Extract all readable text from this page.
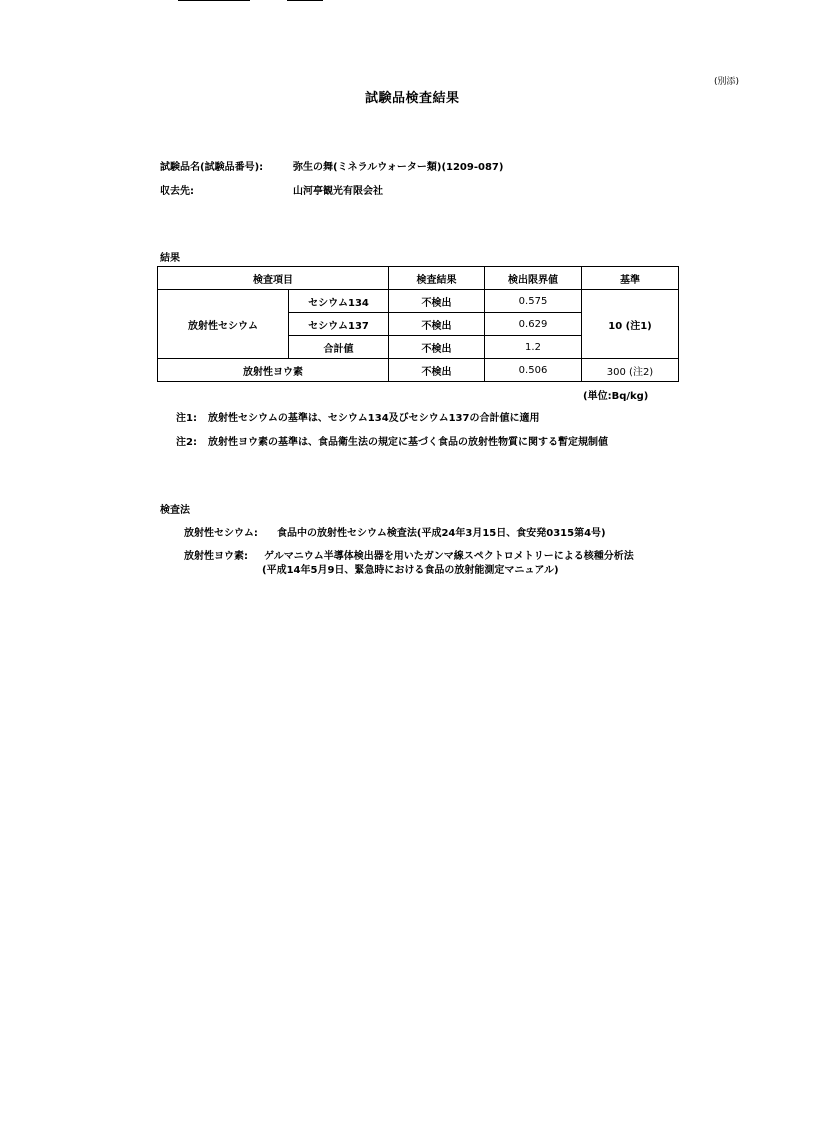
(別添)
試験品検査結果
試験品名(試験品番号):	弥生の舞(ミネラルウォーター類)(1209-087)
収去先:	山河亭観光有限会社
結果
検査項目		検査結果	検出限界値	基準
放射性セシウム	セシウム134	不検出	0.575	10 (注1)
	セシウム137	不検出	0.629	
	合計値	不検出	1.2	
放射性ヨウ素		不検出	0.506	300 (注2)
(単位:Bq/kg)
注1: 放射性セシウムの基準は、セシウム134及びセシウム137の合計値に適用
注2: 放射性ヨウ素の基準は、食品衛生法の規定に基づく食品の放射性物質に関する暫定規制値
検査法
放射性セシウム: 食品中の放射性セシウム検査法(平成24年3月15日、食安発0315第4号)
放射性ヨウ素: ゲルマニウム半導体検出器を用いたガンマ線スペクトロメトリーによる核種分析法
(平成14年5月9日、緊急時における食品の放射能測定マニュアル)
